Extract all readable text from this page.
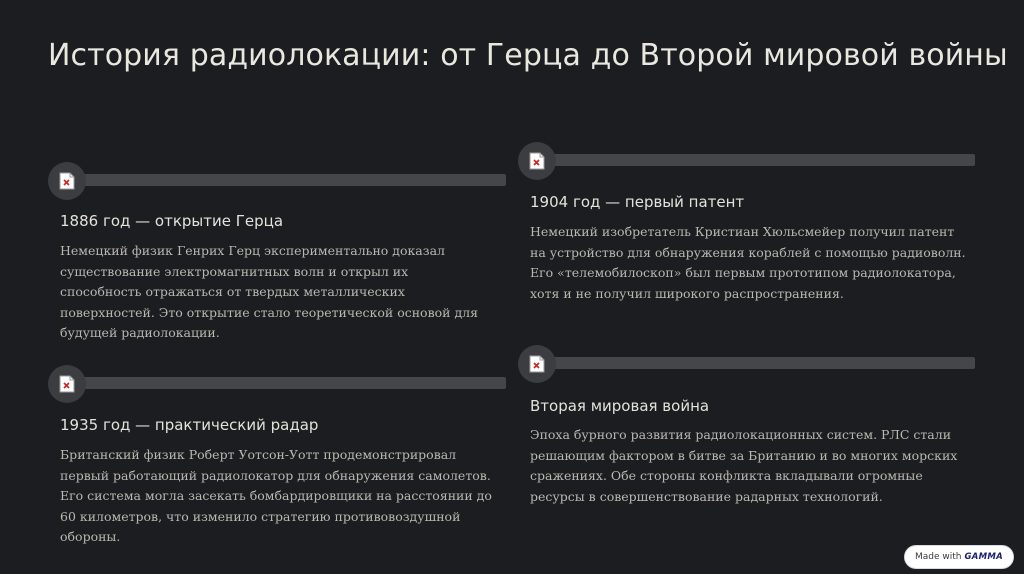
История радиолокации: от Герца до Второй мировой войны
1886 год — открытие Герца

Немецкий физик Генрих Герц экспериментально доказал существование электромагнитных волн и открыл их способность отражаться от твердых металлических поверхностей. Это открытие стало теоретической основой для будущей радиолокации.

1904 год — первый патент

Немецкий изобретатель Кристиан Хюльсмейер получил патент на устройство для обнаружения кораблей с помощью радиоволн. Его «телемобилоскоп» был первым прототипом радиолокатора, хотя и не получил широкого распространения.

1935 год — практический радар

Британский физик Роберт Уотсон-Уотт продемонстрировал первый работающий радиолокатор для обнаружения самолетов. Его система могла засекать бомбардировщики на расстоянии до 60 километров, что изменило стратегию противовоздушной обороны.

Вторая мировая война

Эпоха бурного развития радиолокационных систем. РЛС стали решающим фактором в битве за Британию и во многих морских сражениях. Обе стороны конфликта вкладывали огромные ресурсы в совершенствование радарных технологий.

Made with GAMMA
